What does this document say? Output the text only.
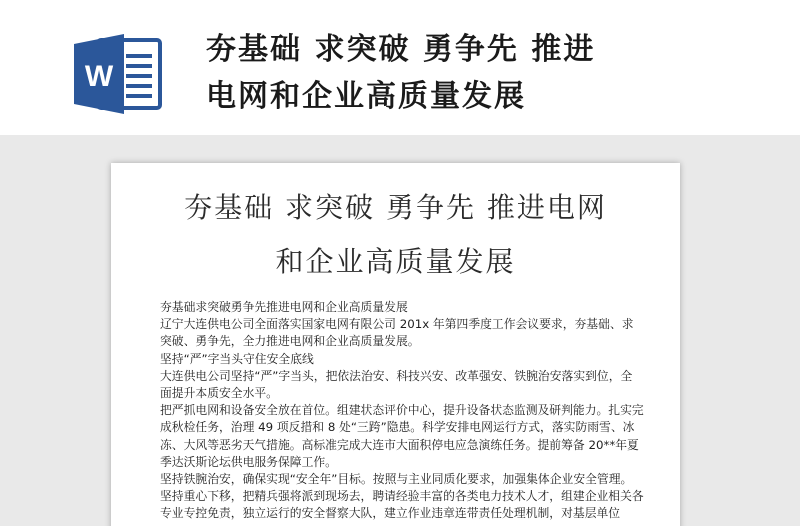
W
夯基础 求突破 勇争先 推进
电网和企业高质量发展
夯基础 求突破 勇争先 推进电网
和企业高质量发展

夯基础求突破勇争先推进电网和企业高质量发展

辽宁大连供电公司全面落实国家电网有限公司 201x 年第四季度工作会议要求，夯基础、求突破、勇争先，全力推进电网和企业高质量发展。

坚持“严”字当头守住安全底线

大连供电公司坚持“严”字当头，把依法治安、科技兴安、改革强安、铁腕治安落实到位，全面提升本质安全水平。

把严抓电网和设备安全放在首位。组建状态评价中心，提升设备状态监测及研判能力。扎实完成秋检任务，治理 49 项反措和 8 处“三跨”隐患。科学安排电网运行方式，落实防雨雪、冰冻、大风等恶劣天气措施。高标准完成大连市大面积停电应急演练任务。提前筹备 20**年夏季达沃斯论坛供电服务保障工作。

坚持铁腕治安，确保实现“安全年”目标。按照与主业同质化要求，加强集体企业安全管理。坚持重心下移，把精兵强将派到现场去，聘请经验丰富的各类电力技术人才，组建企业相关各专业专控免责，独立运行的安全督察大队，建立作业违章连带责任处理机制，对基层单位
